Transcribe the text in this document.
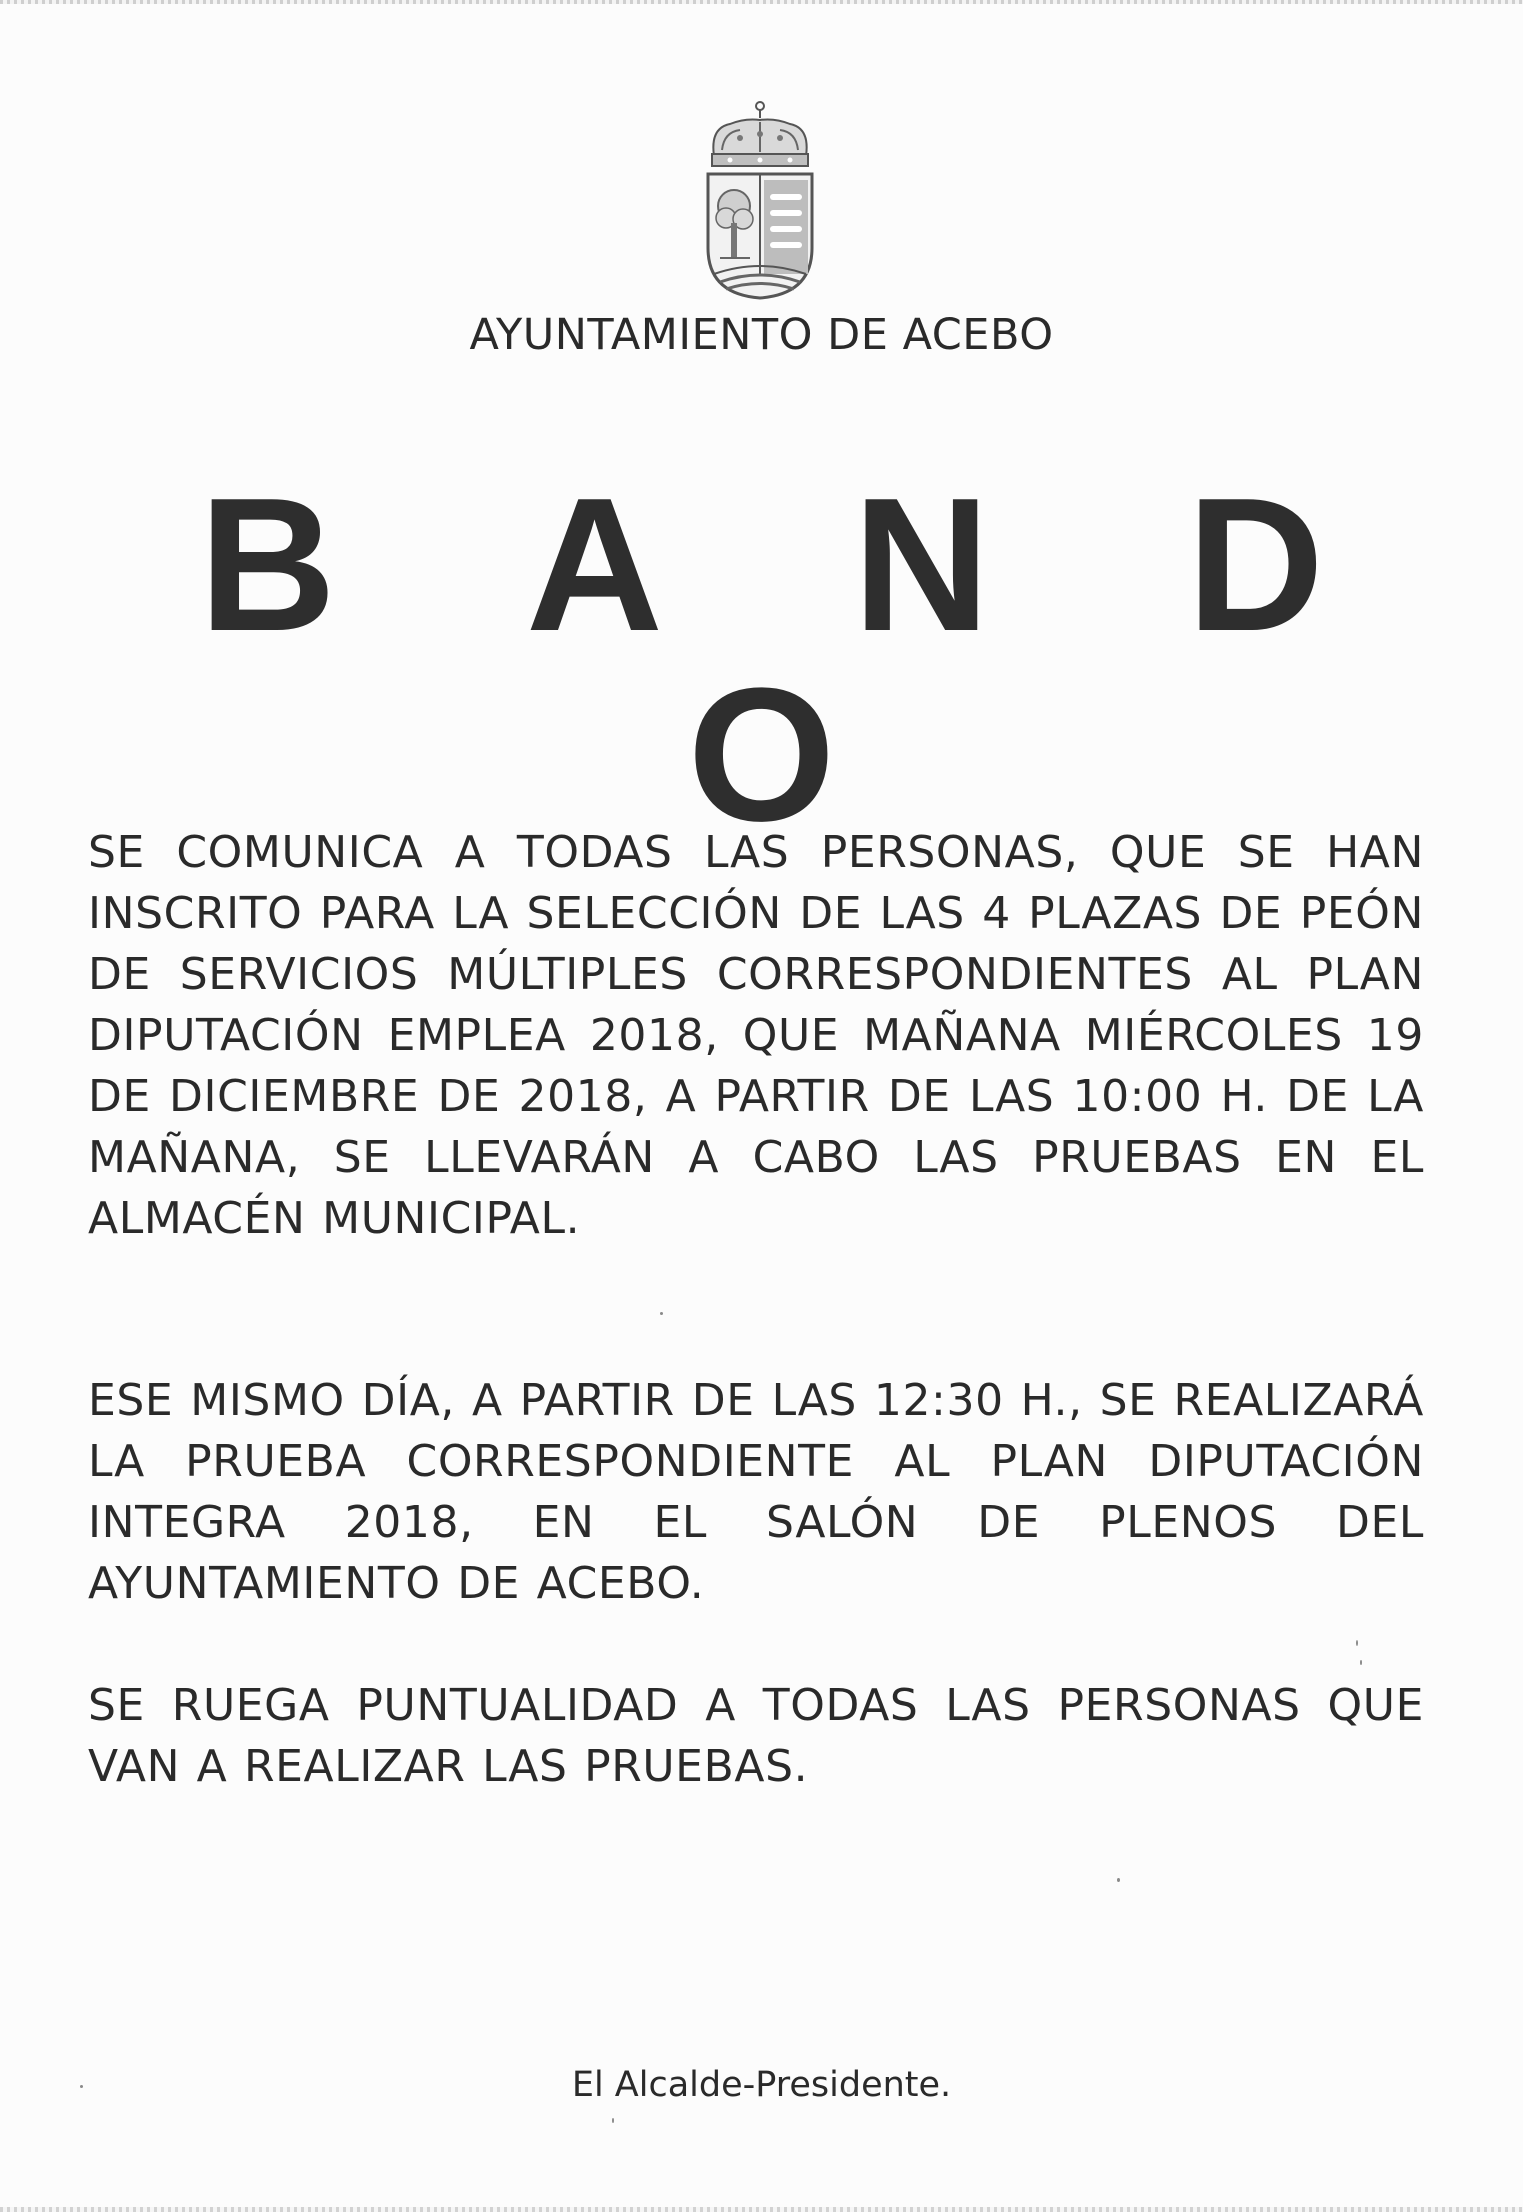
AYUNTAMIENTO DE ACEBO
B A N D O
SE COMUNICA A TODAS LAS PERSONAS, QUE SE HAN INSCRITO PARA LA SELECCIÓN DE LAS 4 PLAZAS DE PEÓN DE SERVICIOS MÚLTIPLES CORRESPONDIENTES AL PLAN DIPUTACIÓN EMPLEA 2018, QUE MAÑANA MIÉRCOLES 19 DE DICIEMBRE DE 2018, A PARTIR DE LAS 10:00 H. DE LA MAÑANA, SE LLEVARÁN A CABO LAS PRUEBAS EN EL ALMACÉN MUNICIPAL.
ESE MISMO DÍA, A PARTIR DE LAS 12:30 H., SE REALIZARÁ LA PRUEBA CORRESPONDIENTE AL PLAN DIPUTACIÓN INTEGRA 2018, EN EL SALÓN DE PLENOS DEL AYUNTAMIENTO DE ACEBO.
SE RUEGA PUNTUALIDAD A TODAS LAS PERSONAS QUE VAN A REALIZAR LAS PRUEBAS.
El Alcalde-Presidente.
